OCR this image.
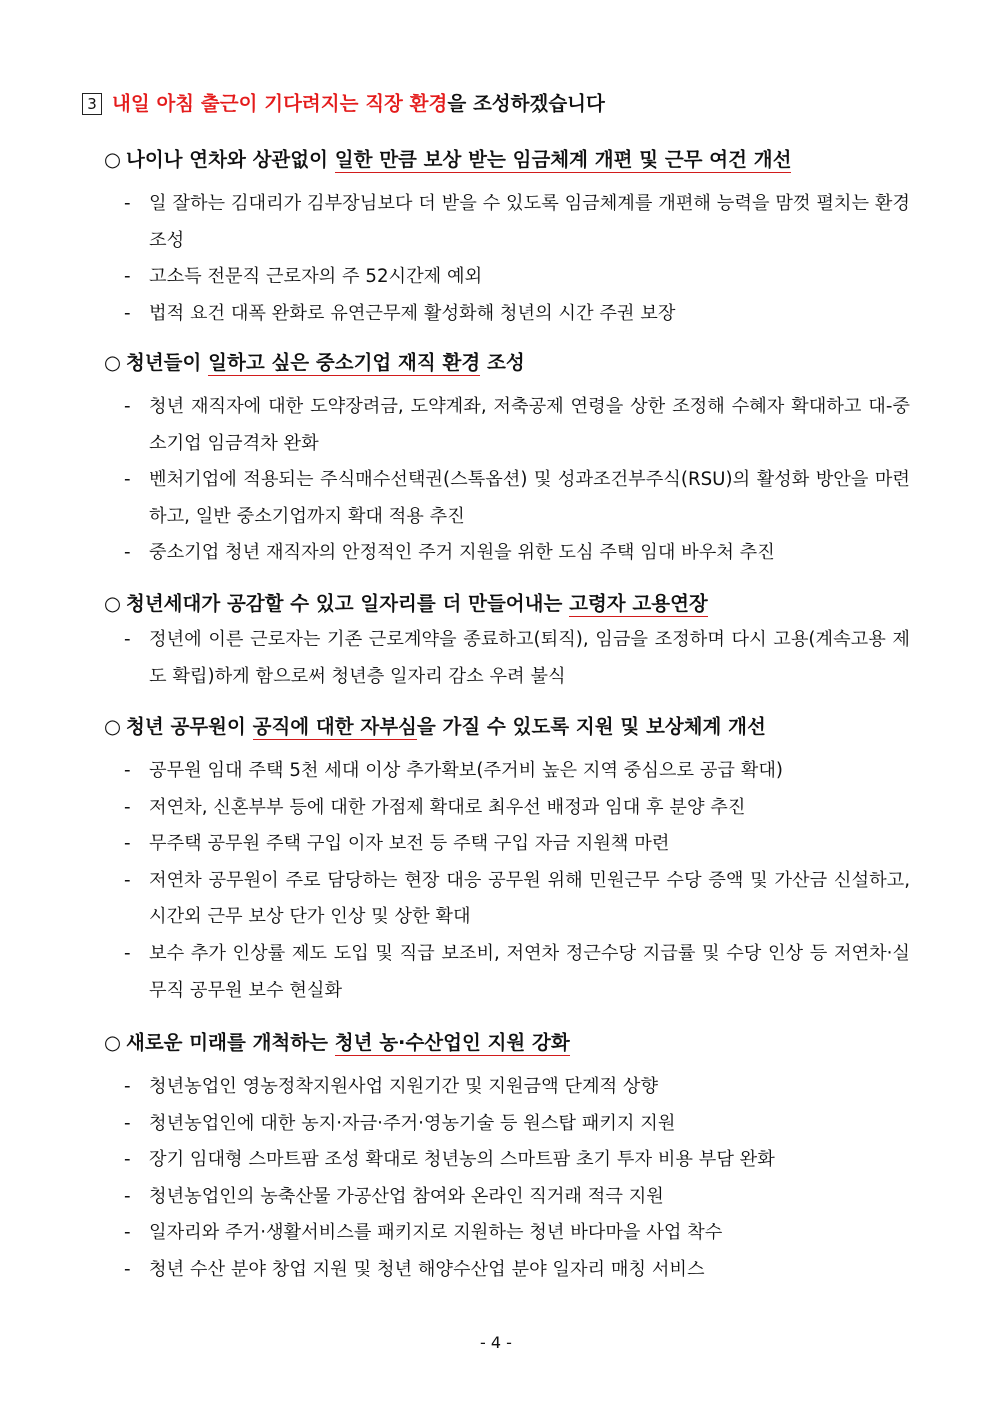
3 내일 아침 출근이 기다려지는 직장 환경을 조성하겠습니다
○ 나이나 연차와 상관없이 일한 만큼 보상 받는 임금체계 개편 및 근무 여건 개선
- 일 잘하는 김대리가 김부장님보다 더 받을 수 있도록 임금체계를 개편해 능력을 맘껏 펼치는 환경 조성
- 고소득 전문직 근로자의 주 52시간제 예외
- 법적 요건 대폭 완화로 유연근무제 활성화해 청년의 시간 주권 보장
○ 청년들이 일하고 싶은 중소기업 재직 환경 조성
- 청년 재직자에 대한 도약장려금, 도약계좌, 저축공제 연령을 상한 조정해 수혜자 확대하고 대-중소기업 임금격차 완화
- 벤처기업에 적용되는 주식매수선택권(스톡옵션) 및 성과조건부주식(RSU)의 활성화 방안을 마련하고, 일반 중소기업까지 확대 적용 추진
- 중소기업 청년 재직자의 안정적인 주거 지원을 위한 도심 주택 임대 바우처 추진
○ 청년세대가 공감할 수 있고 일자리를 더 만들어내는 고령자 고용연장
- 정년에 이른 근로자는 기존 근로계약을 종료하고(퇴직), 임금을 조정하며 다시 고용(계속고용 제도 확립)하게 함으로써 청년층 일자리 감소 우려 불식
○ 청년 공무원이 공직에 대한 자부심을 가질 수 있도록 지원 및 보상체계 개선
- 공무원 임대 주택 5천 세대 이상 추가확보(주거비 높은 지역 중심으로 공급 확대)
- 저연차, 신혼부부 등에 대한 가점제 확대로 최우선 배정과 임대 후 분양 추진
- 무주택 공무원 주택 구입 이자 보전 등 주택 구입 자금 지원책 마련
- 저연차 공무원이 주로 담당하는 현장 대응 공무원 위해 민원근무 수당 증액 및 가산금 신설하고, 시간외 근무 보상 단가 인상 및 상한 확대
- 보수 추가 인상률 제도 도입 및 직급 보조비, 저연차 정근수당 지급률 및 수당 인상 등 저연차·실무직 공무원 보수 현실화
○ 새로운 미래를 개척하는 청년 농·수산업인 지원 강화
- 청년농업인 영농정착지원사업 지원기간 및 지원금액 단계적 상향
- 청년농업인에 대한 농지·자금·주거·영농기술 등 원스탑 패키지 지원
- 장기 임대형 스마트팜 조성 확대로 청년농의 스마트팜 초기 투자 비용 부담 완화
- 청년농업인의 농축산물 가공산업 참여와 온라인 직거래 적극 지원
- 일자리와 주거·생활서비스를 패키지로 지원하는 청년 바다마을 사업 착수
- 청년 수산 분야 창업 지원 및 청년 해양수산업 분야 일자리 매칭 서비스
- 4 -
